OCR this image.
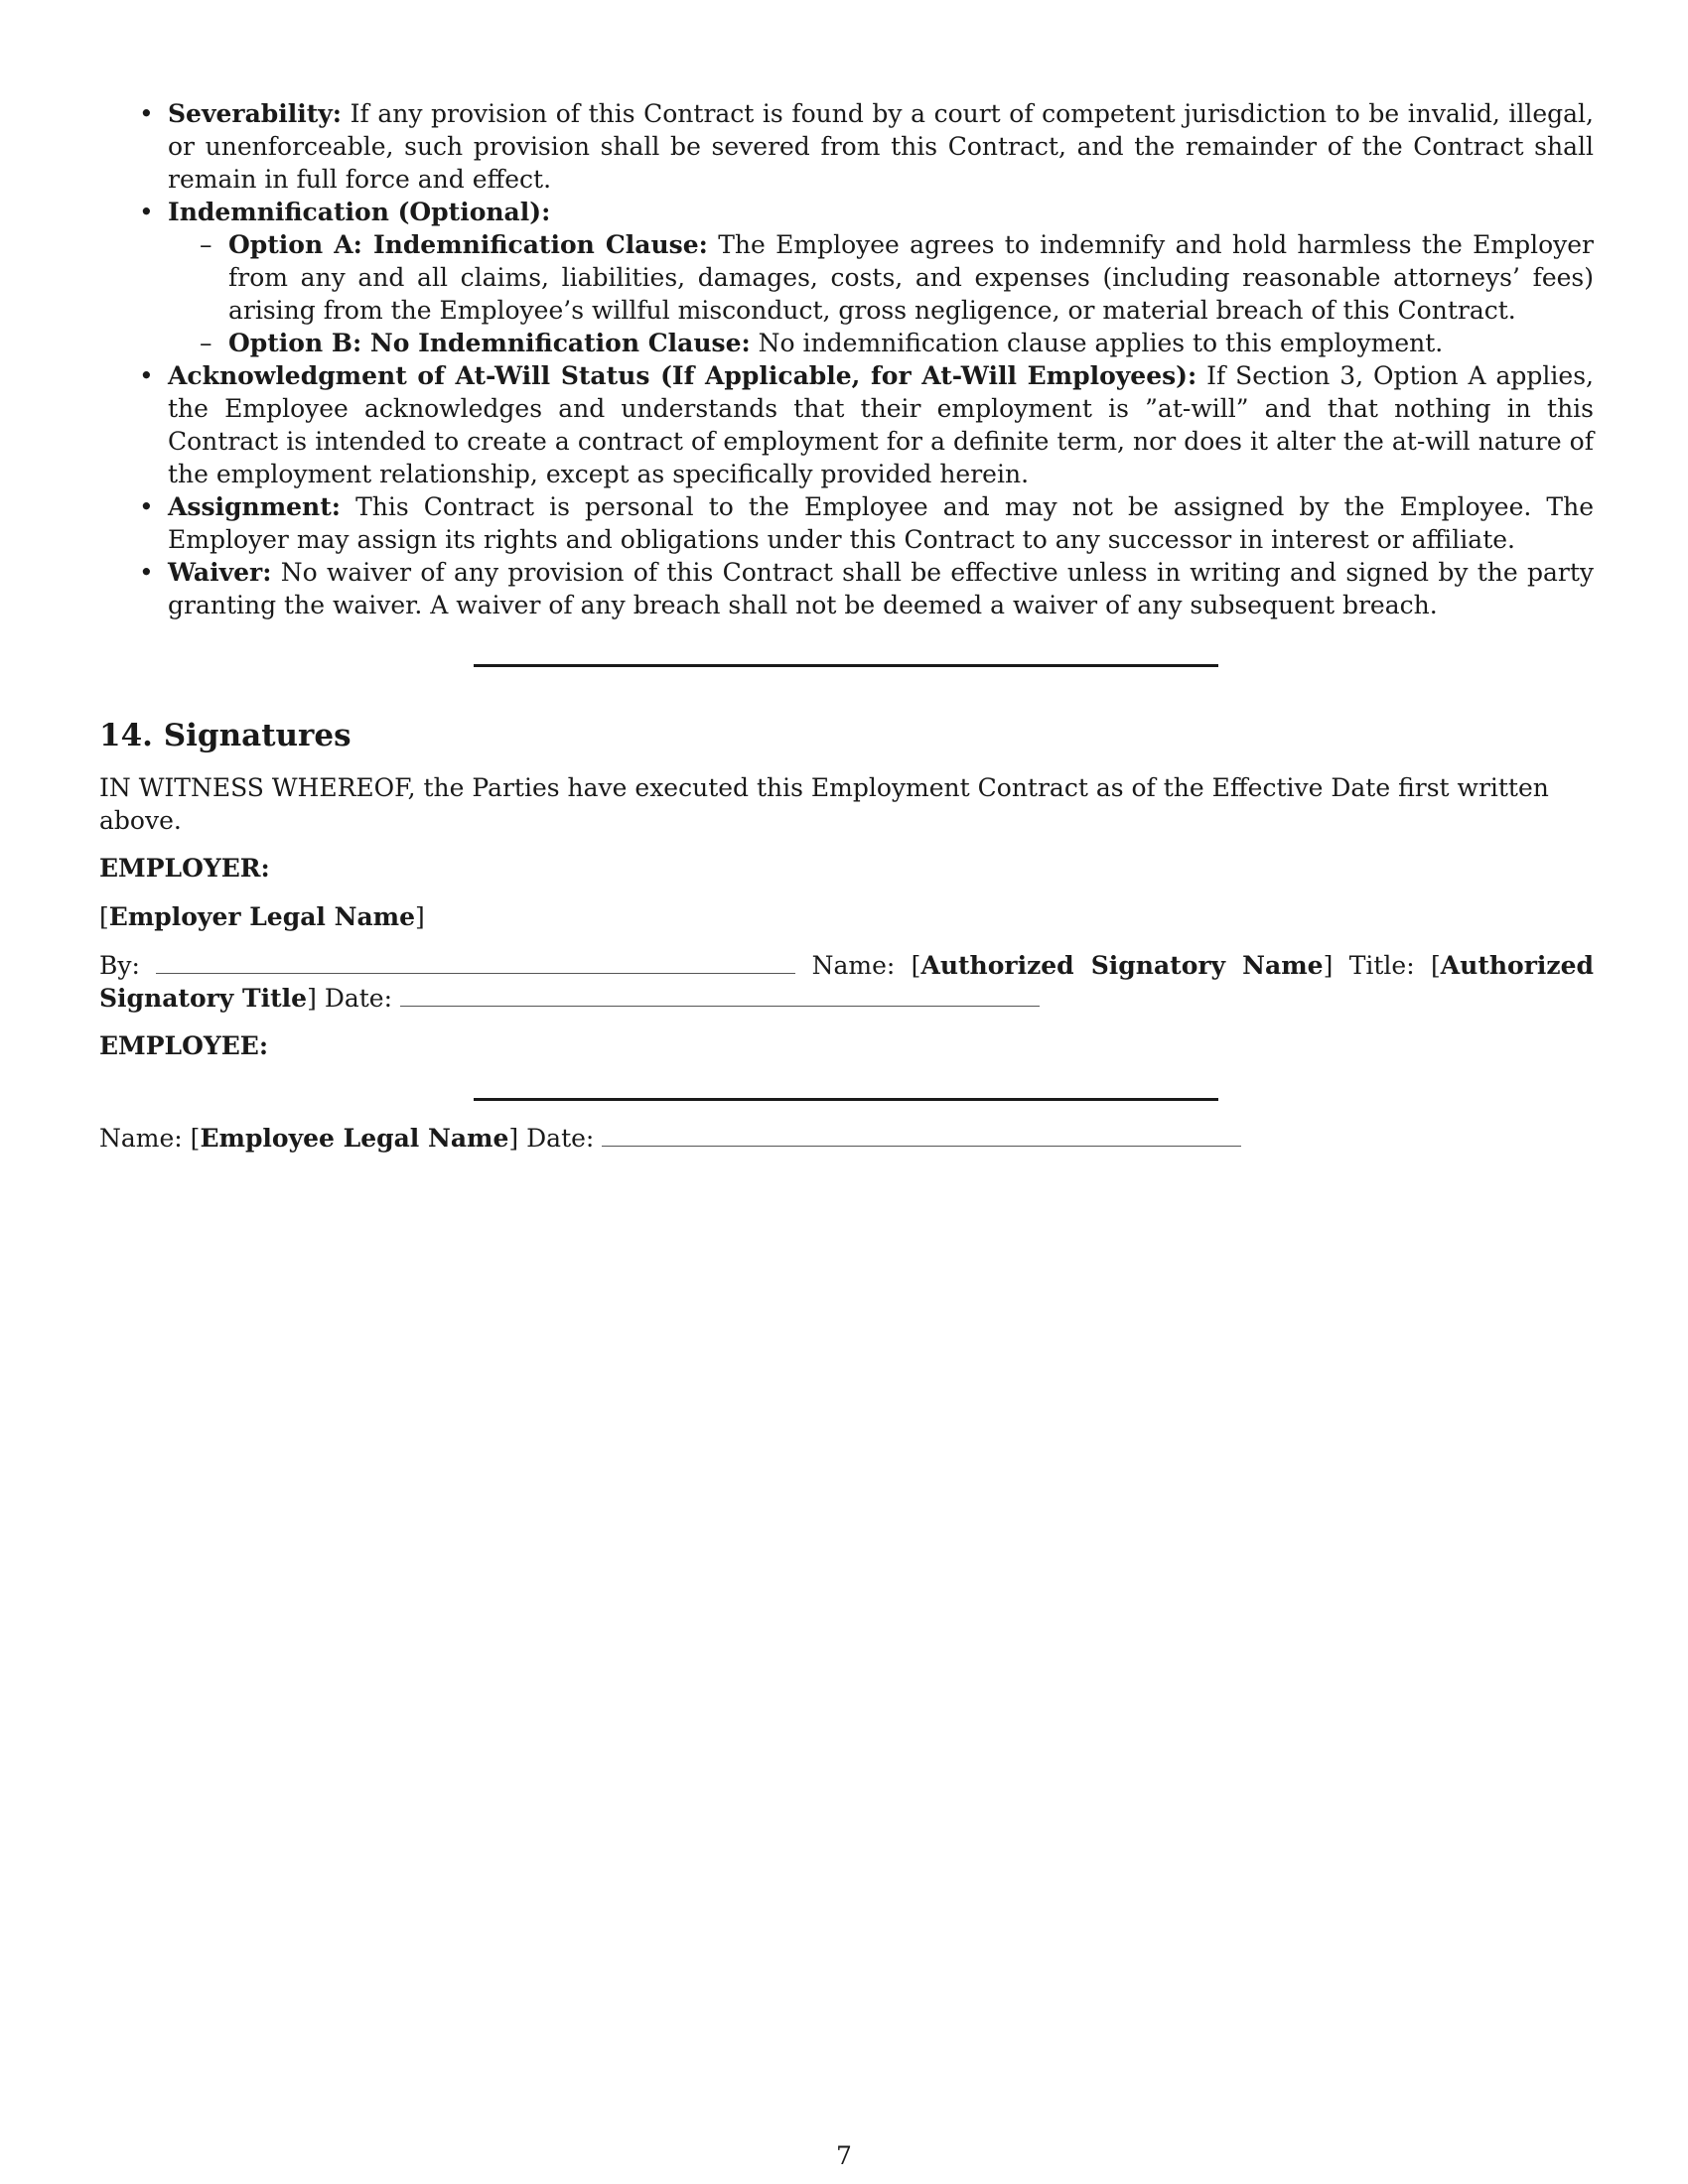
• Severability: If any provision of this Contract is found by a court of competent jurisdiction to be invalid, illegal, or unenforceable, such provision shall be severed from this Contract, and the remainder of the Contract shall remain in full force and effect.
• Indemnification (Optional):
– Option A: Indemnification Clause: The Employee agrees to indemnify and hold harmless the Employer from any and all claims, liabilities, damages, costs, and expenses (including reasonable attorneys’ fees) arising from the Employee’s willful misconduct, gross negligence, or material breach of this Contract.
– Option B: No Indemnification Clause: No indemnification clause applies to this employment.
• Acknowledgment of At-Will Status (If Applicable, for At-Will Employees): If Section 3, Option A applies, the Employee acknowledges and understands that their employment is ”at-will” and that nothing in this Contract is intended to create a contract of employment for a definite term, nor does it alter the at-will nature of the employment relationship, except as specifically provided herein.
• Assignment: This Contract is personal to the Employee and may not be assigned by the Employee. The Employer may assign its rights and obligations under this Contract to any successor in interest or affiliate.
• Waiver: No waiver of any provision of this Contract shall be effective unless in writing and signed by the party granting the waiver. A waiver of any breach shall not be deemed a waiver of any subsequent breach.
14. Signatures

IN WITNESS WHEREOF, the Parties have executed this Employment Contract as of the Effective Date first written above.

EMPLOYER:

[Employer Legal Name]

By:	Name: [Authorized Signatory Name] Title: [Authorized Signatory Title] Date:

EMPLOYEE:

Name: [Employee Legal Name] Date:

7
